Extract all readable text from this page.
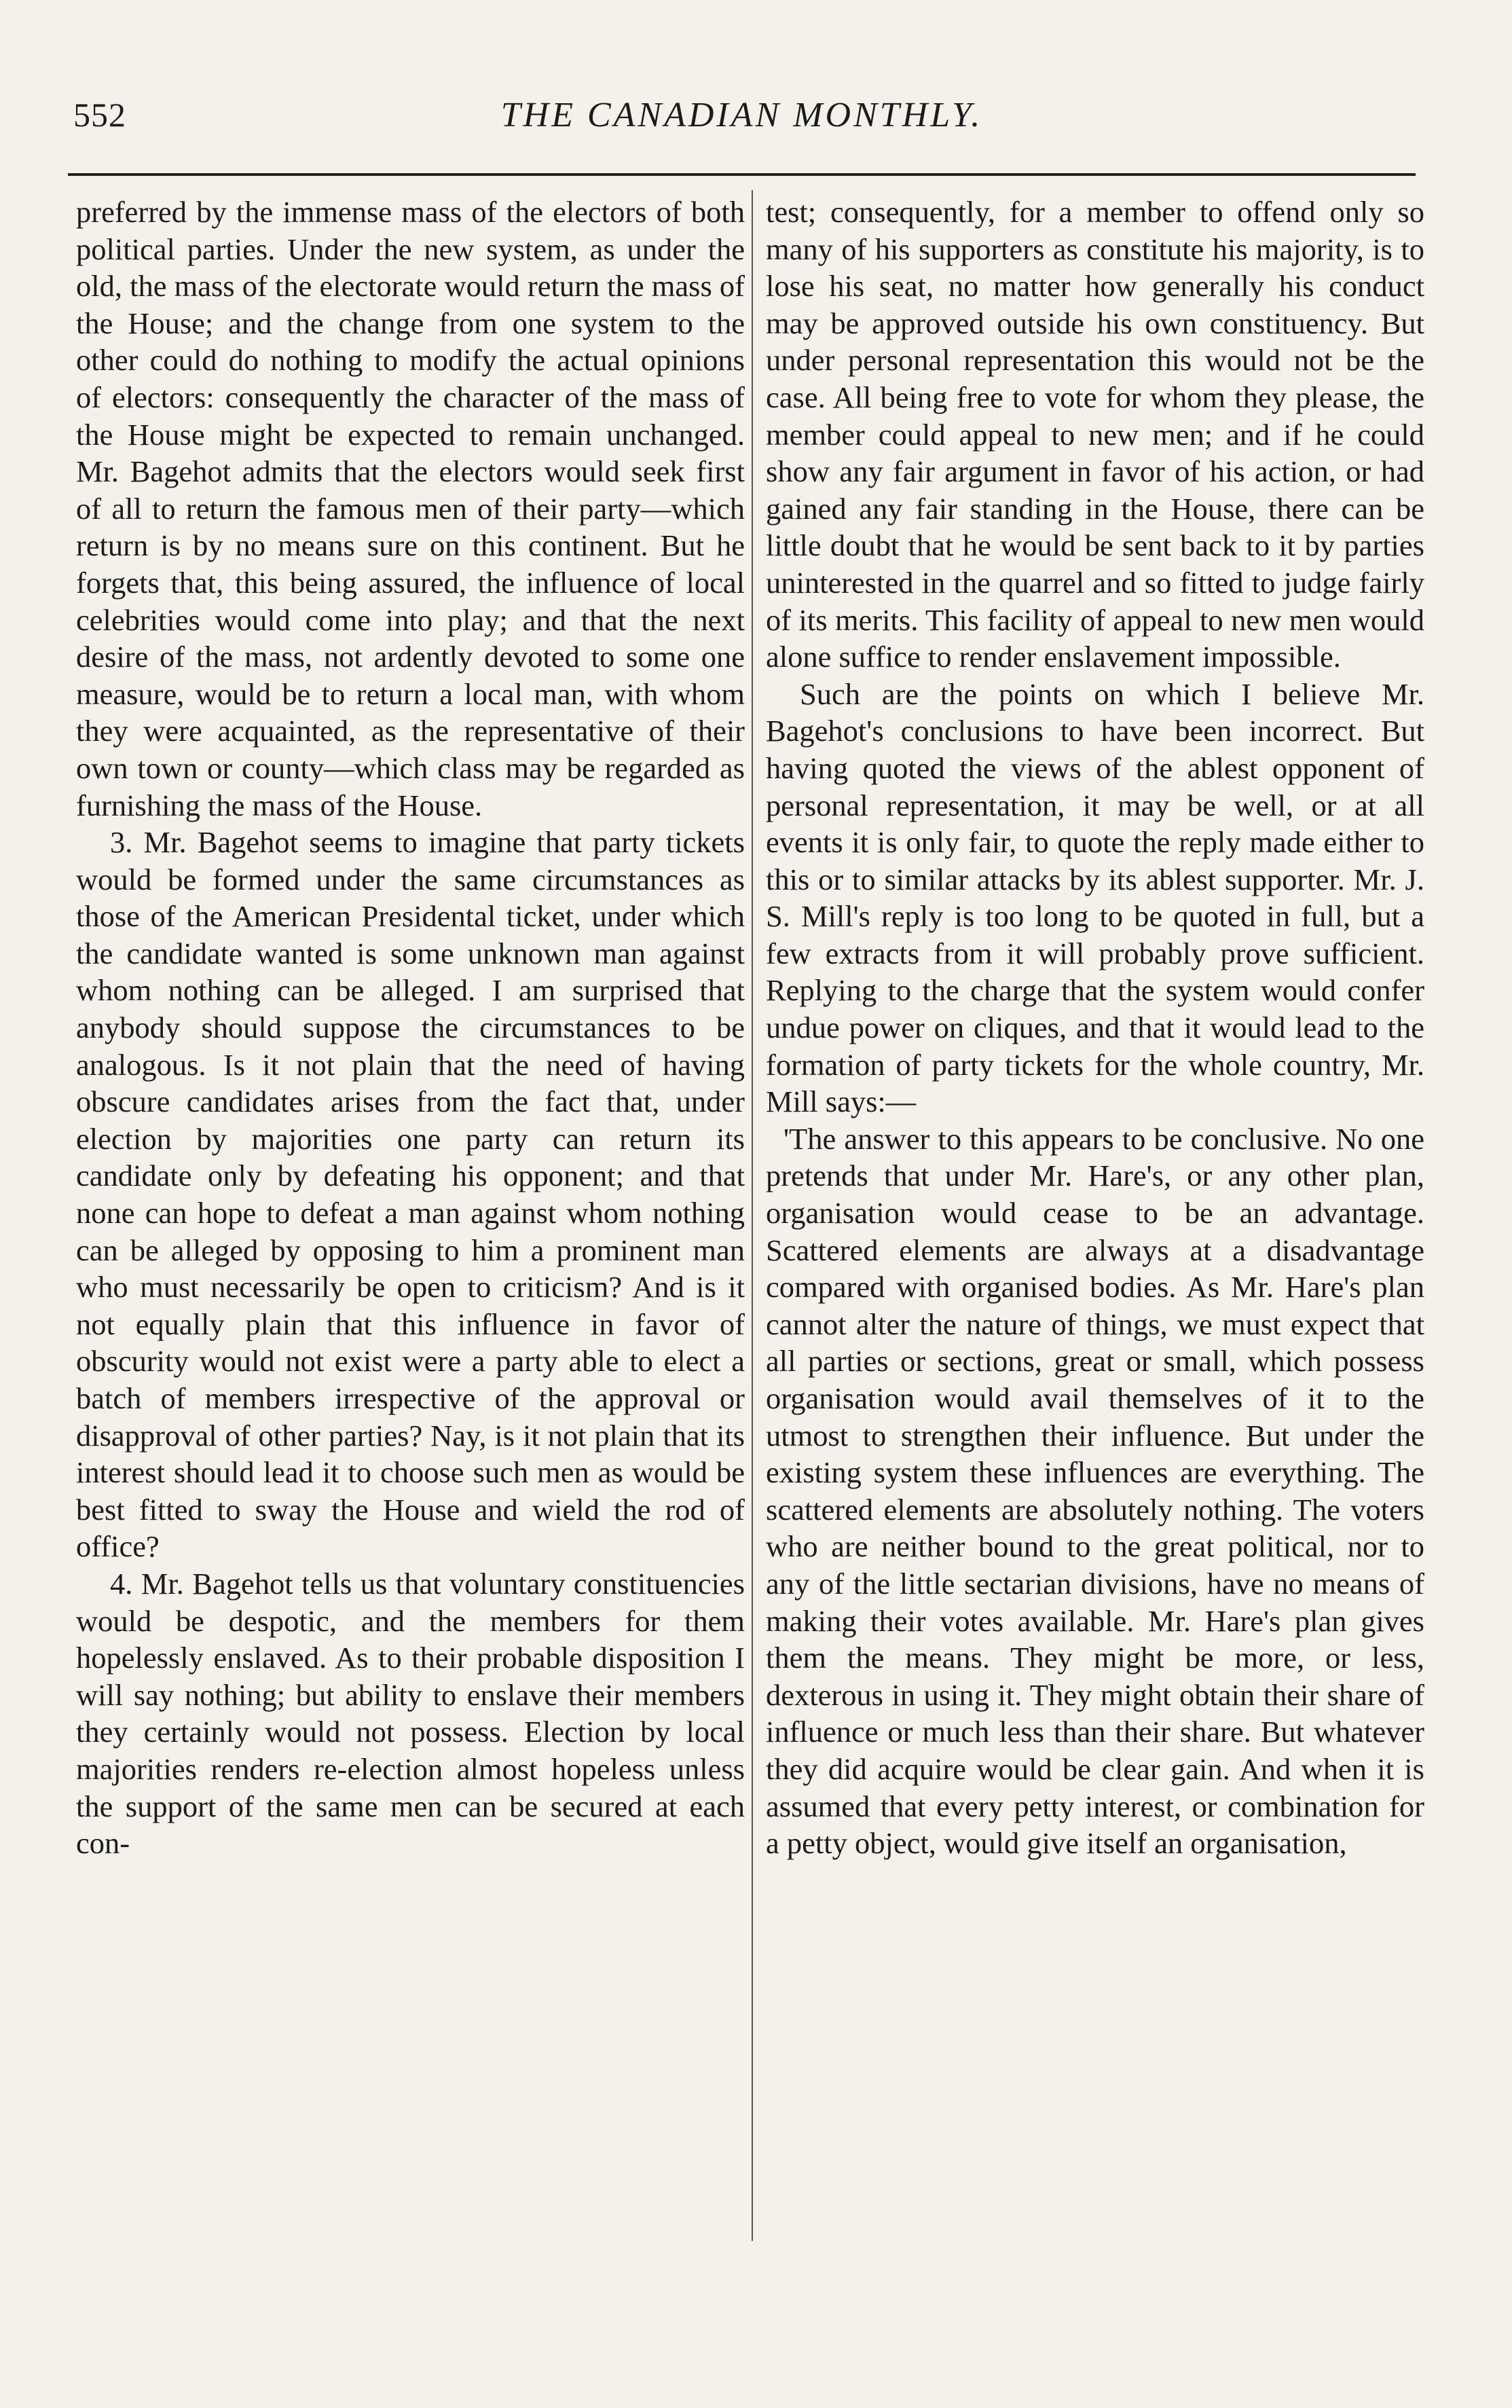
552	THE CANADIAN MONTHLY.

preferred by the immense mass of the electors of both political parties. Under the new system, as under the old, the mass of the electorate would return the mass of the House; and the change from one system to the other could do nothing to modify the actual opinions of electors: consequently the character of the mass of the House might be expected to remain unchanged. Mr. Bagehot admits that the electors would seek first of all to return the famous men of their party—which return is by no means sure on this continent. But he forgets that, this being assured, the influence of local celebrities would come into play; and that the next desire of the mass, not ardently devoted to some one measure, would be to return a local man, with whom they were acquainted, as the representative of their own town or county—which class may be regarded as furnishing the mass of the House.

3. Mr. Bagehot seems to imagine that party tickets would be formed under the same circumstances as those of the American Presidental ticket, under which the candidate wanted is some unknown man against whom nothing can be alleged. I am surprised that anybody should suppose the circumstances to be analogous. Is it not plain that the need of having obscure candidates arises from the fact that, under election by majorities one party can return its candidate only by defeating his opponent; and that none can hope to defeat a man against whom nothing can be alleged by opposing to him a prominent man who must necessarily be open to criticism? And is it not equally plain that this influence in favor of obscurity would not exist were a party able to elect a batch of members irrespective of the approval or disapproval of other parties? Nay, is it not plain that its interest should lead it to choose such men as would be best fitted to sway the House and wield the rod of office?

4. Mr. Bagehot tells us that voluntary constituencies would be despotic, and the members for them hopelessly enslaved. As to their probable disposition I will say nothing; but ability to enslave their members they certainly would not possess. Election by local majorities renders re-election almost hopeless unless the support of the same men can be secured at each con-

test; consequently, for a member to offend only so many of his supporters as constitute his majority, is to lose his seat, no matter how generally his conduct may be approved outside his own constituency. But under personal representation this would not be the case. All being free to vote for whom they please, the member could appeal to new men; and if he could show any fair argument in favor of his action, or had gained any fair standing in the House, there can be little doubt that he would be sent back to it by parties uninterested in the quarrel and so fitted to judge fairly of its merits. This facility of appeal to new men would alone suffice to render enslavement impossible.

Such are the points on which I believe Mr. Bagehot's conclusions to have been incorrect. But having quoted the views of the ablest opponent of personal representation, it may be well, or at all events it is only fair, to quote the reply made either to this or to similar attacks by its ablest supporter. Mr. J. S. Mill's reply is too long to be quoted in full, but a few extracts from it will probably prove sufficient. Replying to the charge that the system would confer undue power on cliques, and that it would lead to the formation of party tickets for the whole country, Mr. Mill says:—

'The answer to this appears to be conclusive. No one pretends that under Mr. Hare's, or any other plan, organisation would cease to be an advantage. Scattered elements are always at a disadvantage compared with organised bodies. As Mr. Hare's plan cannot alter the nature of things, we must expect that all parties or sections, great or small, which possess organisation would avail themselves of it to the utmost to strengthen their influence. But under the existing system these influences are everything. The scattered elements are absolutely nothing. The voters who are neither bound to the great political, nor to any of the little sectarian divisions, have no means of making their votes available. Mr. Hare's plan gives them the means. They might be more, or less, dexterous in using it. They might obtain their share of influence or much less than their share. But whatever they did acquire would be clear gain. And when it is assumed that every petty interest, or combination for a petty object, would give itself an organisation,
